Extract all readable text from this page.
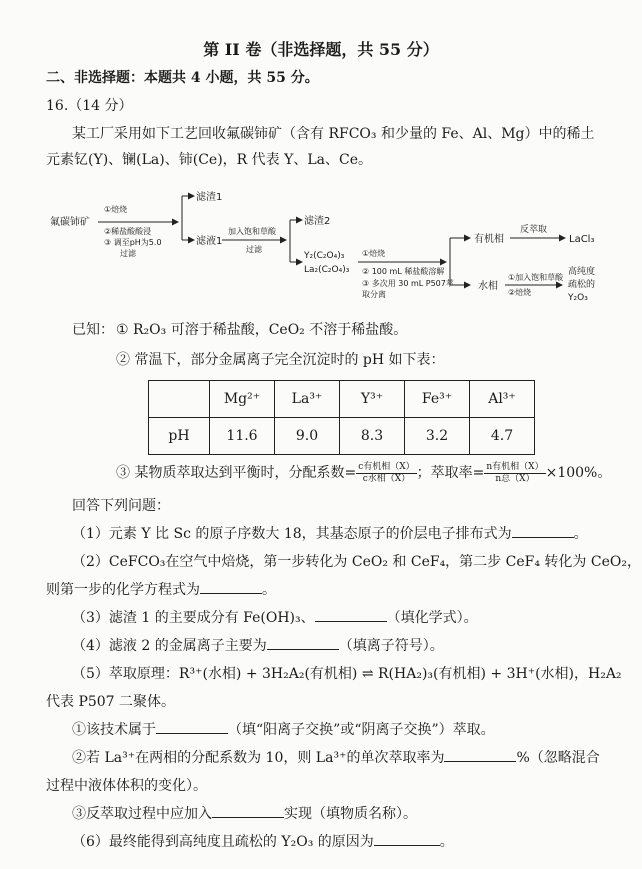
第 II 卷（非选择题，共 55 分）
二、非选择题：本题共 4 小题，共 55 分。
16.（14 分）
某工厂采用如下工艺回收氟碳铈矿（含有 RFCO₃ 和少量的 Fe、Al、Mg）中的稀土
元素钇(Y)、镧(La)、铈(Ce)，R 代表 Y、La、Ce。
氟碳铈矿
①焙烧
②稀盐酸酸浸
③ 调至pH为5.0
过滤
滤渣1
滤液1
加入饱和草酸
过滤
滤渣2
Y₂(C₂O₄)₃
La₂(C₂O₄)₃
①焙烧
② 100 mL 稀盐酸溶解
③ 多次用 30 mL P507萃
取分离
有机相
反萃取
LaCl₃
水相
①加入饱和草酸
②焙烧
高纯度
疏松的
Y₂O₃
已知： ① R₂O₃ 可溶于稀盐酸，CeO₂ 不溶于稀盐酸。
② 常温下，部分金属离子完全沉淀时的 pH 如下表：
	Mg²⁺	La³⁺	Y³⁺	Fe³⁺	Al³⁺
pH	11.6	9.0	8.3	3.2	4.7
③ 某物质萃取达到平衡时，分配系数= $\frac{\text{c有机相（X）}}{\text{c水相（X）}}$ ；萃取率= $\frac{\text{n有机相（X）}}{\text{n总（X）}} \times 100\%$。
回答下列问题：
（1）元素 Y 比 Sc 的原子序数大 18，其基态原子的价层电子排布式为	。
（2）CeFCO₃在空气中焙烧，第一步转化为 CeO₂ 和 CeF₄，第二步 CeF₄ 转化为 CeO₂，
则第一步的化学方程式为	。
（3）滤渣 1 的主要成分有 Fe(OH)₃、	（填化学式）。
（4）滤液 2 的金属离子主要为	（填离子符号）。
（5）萃取原理：R³⁺(水相) + 3H₂A₂(有机相) ⇌ R(HA₂)₃(有机相) + 3H⁺(水相)，H₂A₂
代表 P507 二聚体。
①该技术属于	（填“阳离子交换”或“阴离子交换”）萃取。
②若 La³⁺在两相的分配系数为 10，则 La³⁺的单次萃取率为	%（忽略混合
过程中液体体积的变化）。
③反萃取过程中应加入	实现（填物质名称）。
（6）最终能得到高纯度且疏松的 Y₂O₃ 的原因为	。
